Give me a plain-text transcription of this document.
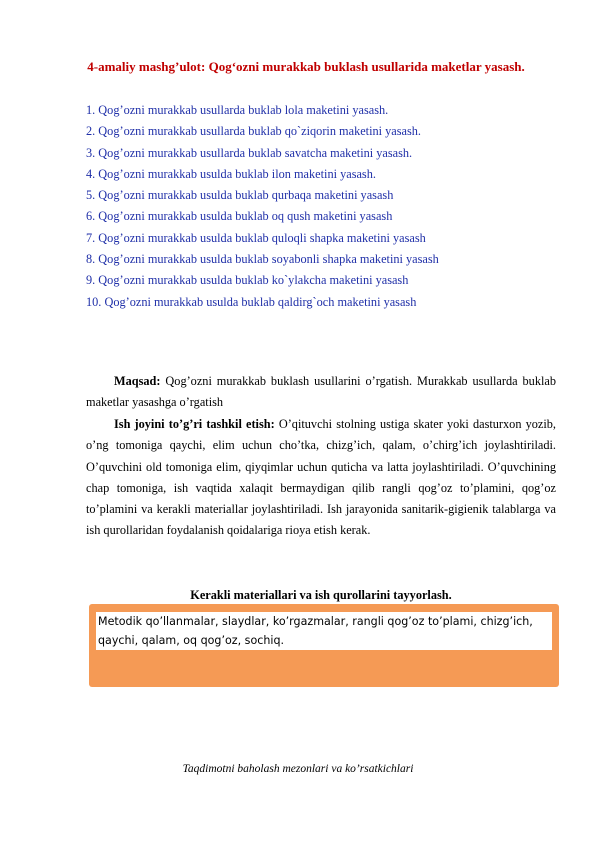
4-amaliy mashg’ulot: Qog‘ozni murakkab buklash usullarida maketlar yasash.
1. Qog’ozni murakkab usullarda buklab lola maketini yasash.
2. Qog’ozni murakkab usullarda buklab qo`ziqorin maketini yasash.
3. Qog’ozni murakkab usullarda buklab savatcha maketini yasash.
4. Qog’ozni murakkab usulda buklab ilon maketini yasash.
5. Qog’ozni murakkab usulda buklab qurbaqa maketini yasash
6. Qog’ozni murakkab usulda buklab oq qush maketini yasash
7. Qog’ozni murakkab usulda buklab quloqli shapka maketini yasash
8. Qog’ozni murakkab usulda buklab soyabonli shapka maketini yasash
9. Qog’ozni murakkab usulda buklab ko`ylakcha maketini yasash
10. Qog’ozni murakkab usulda buklab qaldirg`och maketini yasash
Maqsad: Qog’ozni murakkab buklash usullarini o’rgatish. Murakkab usullarda buklab maketlar yasashga o’rgatish
Ish joyini to’g’ri tashkil etish: O’qituvchi stolning ustiga skater yoki dasturxon yozib, o’ng tomoniga qaychi, elim uchun cho’tka, chizg’ich, qalam, o’chirg’ich joylashtiriladi. O’quvchini old tomoniga elim, qiyqimlar uchun quticha va latta joylashtiriladi. O’quvchining chap tomoniga, ish vaqtida xalaqit bermaydigan qilib rangli qog’oz to’plamini, qog’oz to’plamini va kerakli materiallar joylashtiriladi. Ish jarayonida sanitarik-gigienik talablarga va ish qurollaridan foydalanish qoidalariga rioya etish kerak.
Kerakli materiallari va ish qurollarini tayyorlash.
Metodik qo’llanmalar, slaydlar, ko’rgazmalar, rangli qog’oz to’plami, chizg’ich, qaychi, qalam, oq qog’oz, sochiq.
Taqdimotni baholash mezonlari va ko’rsatkichlari
